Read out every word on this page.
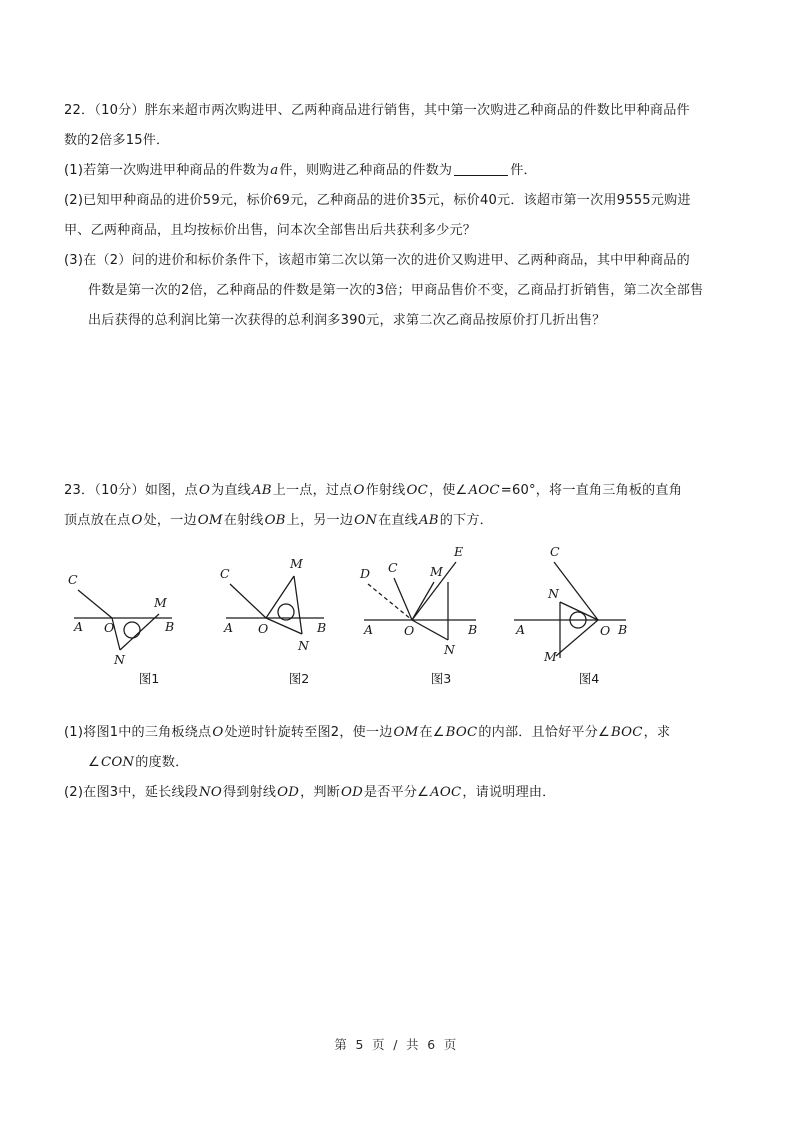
22．（10分）胖东来超市两次购进甲、乙两种商品进行销售，其中第一次购进乙种商品的件数比甲种商品件
数的2倍多15件．
(1)若第一次购进甲种商品的件数为a件，则购进乙种商品的件数为	件．
(2)已知甲种商品的进价59元，标价69元，乙种商品的进价35元，标价40元．该超市第一次用9555元购进
甲、乙两种商品，且均按标价出售，问本次全部售出后共获利多少元？
(3)在（2）问的进价和标价条件下，该超市第二次以第一次的进价又购进甲、乙两种商品，其中甲种商品的
件数是第一次的2倍，乙种商品的件数是第一次的3倍；甲商品售价不变，乙商品打折销售，第二次全部售
出后获得的总利润比第一次获得的总利润多390元，求第二次乙商品按原价打几折出售？
23．（10分）如图，点O为直线AB上一点，过点O作射线OC，使∠AOC=60°，将一直角三角板的直角
顶点放在点O处，一边OM在射线OB上，另一边ON在直线AB的下方．
(1)将图1中的三角板绕点O处逆时针旋转至图2，使一边OM在∠BOC的内部．且恰好平分∠BOC，求
∠CON的度数．
(2)在图3中，延长线段NO得到射线OD，判断OD是否平分∠AOC，请说明理由．
A O	B
C
M
N
图1
A O	B
C
M
N
图2
A O	B
C
D
E
M
N
图3
A	O B
C
M
N
图4
第 5 页 / 共 6 页
